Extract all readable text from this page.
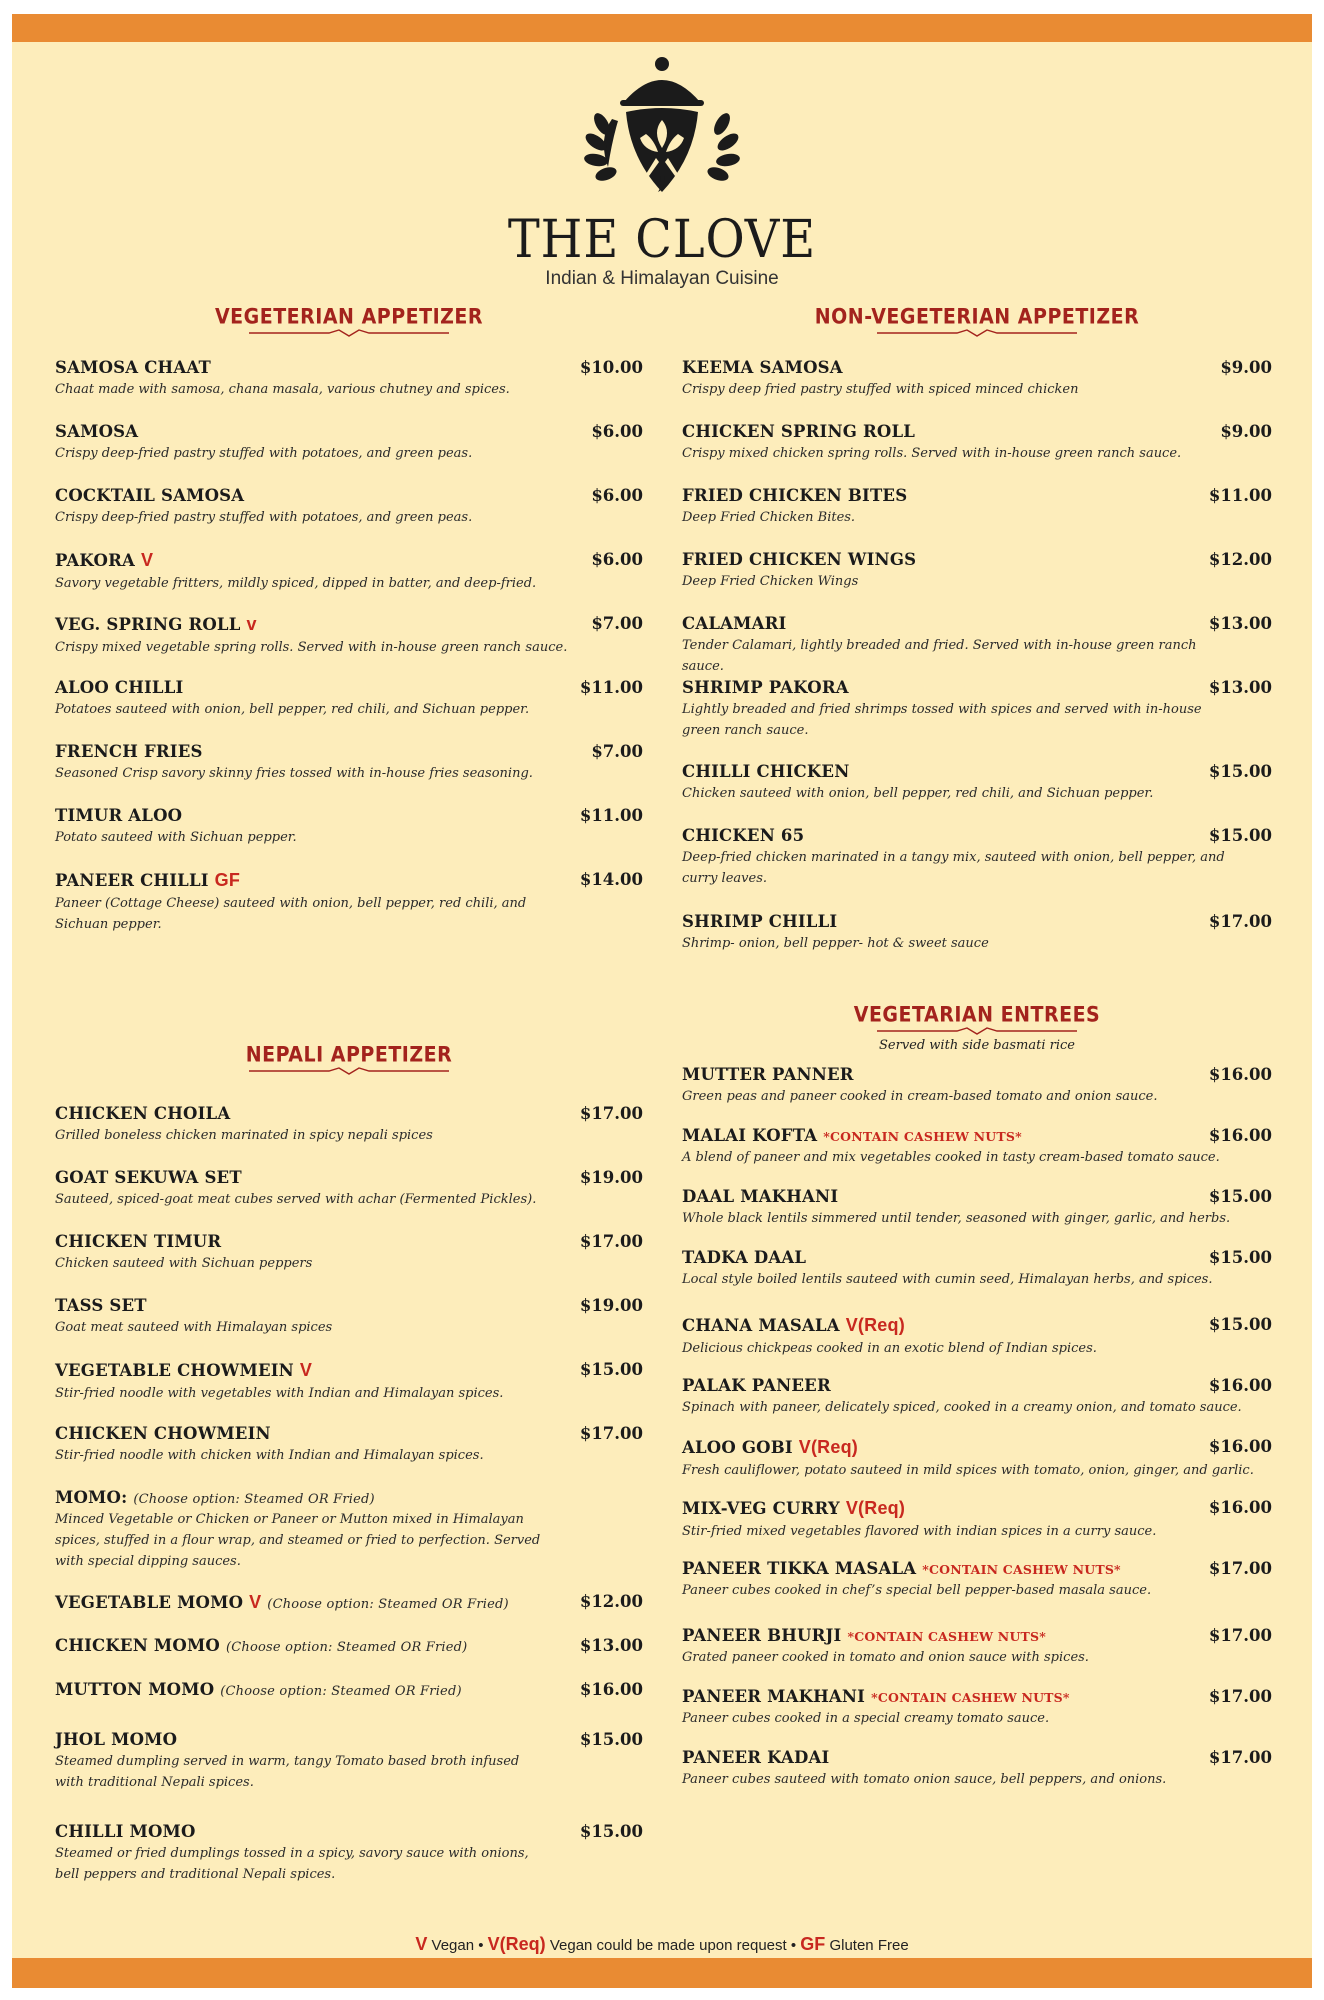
THE CLOVE
Indian & Himalayan Cuisine
VEGETERIAN APPETIZER
SAMOSA CHAAT	$10.00
Chaat made with samosa, chana masala, various chutney and spices.
SAMOSA	$6.00
Crispy deep-fried pastry stuffed with potatoes, and green peas.
COCKTAIL SAMOSA	$6.00
Crispy deep-fried pastry stuffed with potatoes, and green peas.
PAKORA V	$6.00
Savory vegetable fritters, mildly spiced, dipped in batter, and deep-fried.
VEG. SPRING ROLL v	$7.00
Crispy mixed vegetable spring rolls. Served with in-house green ranch sauce.
ALOO CHILLI	$11.00
Potatoes sauteed with onion, bell pepper, red chili, and Sichuan pepper.
FRENCH FRIES	$7.00
Seasoned Crisp savory skinny fries tossed with in-house fries seasoning.
TIMUR ALOO	$11.00
Potato sauteed with Sichuan pepper.
PANEER CHILLI GF	$14.00
Paneer (Cottage Cheese) sauteed with onion, bell pepper, red chili, and Sichuan pepper.
NON-VEGETERIAN APPETIZER
KEEMA SAMOSA	$9.00
Crispy deep fried pastry stuffed with spiced minced chicken
CHICKEN SPRING ROLL	$9.00
Crispy mixed chicken spring rolls. Served with in-house green ranch sauce.
FRIED CHICKEN BITES	$11.00
Deep Fried Chicken Bites.
FRIED CHICKEN WINGS	$12.00
Deep Fried Chicken Wings
CALAMARI	$13.00
Tender Calamari, lightly breaded and fried. Served with in-house green ranch sauce.
SHRIMP PAKORA	$13.00
Lightly breaded and fried shrimps tossed with spices and served with in-house green ranch sauce.
CHILLI CHICKEN	$15.00
Chicken sauteed with onion, bell pepper, red chili, and Sichuan pepper.
CHICKEN 65	$15.00
Deep-fried chicken marinated in a tangy mix, sauteed with onion, bell pepper, and curry leaves.
SHRIMP CHILLI	$17.00
Shrimp- onion, bell pepper- hot & sweet sauce
NEPALI APPETIZER
CHICKEN CHOILA	$17.00
Grilled boneless chicken marinated in spicy nepali spices
GOAT SEKUWA SET	$19.00
Sauteed, spiced-goat meat cubes served with achar (Fermented Pickles).
CHICKEN TIMUR	$17.00
Chicken sauteed with Sichuan peppers
TASS SET	$19.00
Goat meat sauteed with Himalayan spices
VEGETABLE CHOWMEIN V	$15.00
Stir-fried noodle with vegetables with Indian and Himalayan spices.
CHICKEN CHOWMEIN	$17.00
Stir-fried noodle with chicken with Indian and Himalayan spices.
MOMO: (Choose option: Steamed OR Fried)
Minced Vegetable or Chicken or Paneer or Mutton mixed in Himalayan spices, stuffed in a flour wrap, and steamed or fried to perfection. Served with special dipping sauces.
VEGETABLE MOMO V (Choose option: Steamed OR Fried)	$12.00
CHICKEN MOMO (Choose option: Steamed OR Fried)	$13.00
MUTTON MOMO (Choose option: Steamed OR Fried)	$16.00
JHOL MOMO	$15.00
Steamed dumpling served in warm, tangy Tomato based broth infused with traditional Nepali spices.
CHILLI MOMO	$15.00
Steamed or fried dumplings tossed in a spicy, savory sauce with onions, bell peppers and traditional Nepali spices.
VEGETARIAN ENTREES
Served with side basmati rice
MUTTER PANNER	$16.00
Green peas and paneer cooked in cream-based tomato and onion sauce.
MALAI KOFTA *CONTAIN CASHEW NUTS*	$16.00
A blend of paneer and mix vegetables cooked in tasty cream-based tomato sauce.
DAAL MAKHANI	$15.00
Whole black lentils simmered until tender, seasoned with ginger, garlic, and herbs.
TADKA DAAL	$15.00
Local style boiled lentils sauteed with cumin seed, Himalayan herbs, and spices.
CHANA MASALA V(Req)	$15.00
Delicious chickpeas cooked in an exotic blend of Indian spices.
PALAK PANEER	$16.00
Spinach with paneer, delicately spiced, cooked in a creamy onion, and tomato sauce.
ALOO GOBI V(Req)	$16.00
Fresh cauliflower, potato sauteed in mild spices with tomato, onion, ginger, and garlic.
MIX-VEG CURRY V(Req)	$16.00
Stir-fried mixed vegetables flavored with indian spices in a curry sauce.
PANEER TIKKA MASALA *CONTAIN CASHEW NUTS*	$17.00
Paneer cubes cooked in chef’s special bell pepper-based masala sauce.
PANEER BHURJI *CONTAIN CASHEW NUTS*	$17.00
Grated paneer cooked in tomato and onion sauce with spices.
PANEER MAKHANI *CONTAIN CASHEW NUTS*	$17.00
Paneer cubes cooked in a special creamy tomato sauce.
PANEER KADAI	$17.00
Paneer cubes sauteed with tomato onion sauce, bell peppers, and onions.
V Vegan • V(Req) Vegan could be made upon request • GF Gluten Free
